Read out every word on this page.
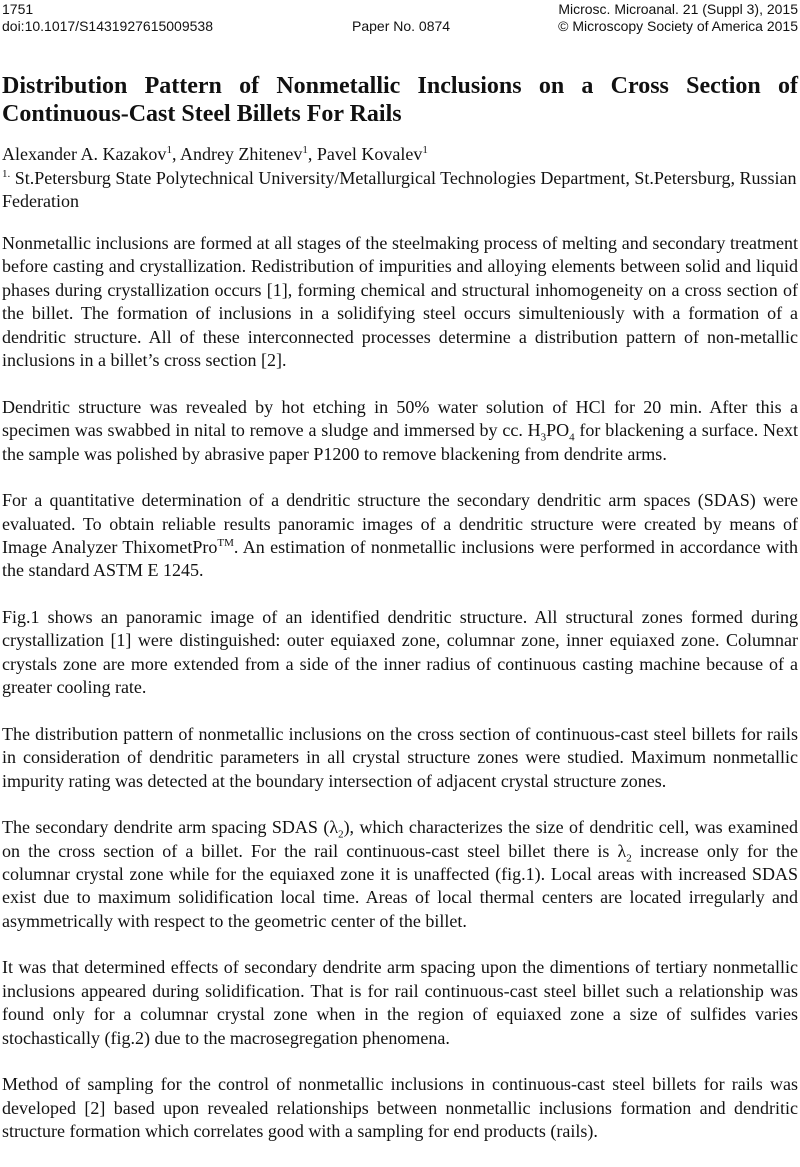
1751	Microsc. Microanal. 21 (Suppl 3), 2015
doi:10.1017/S1431927615009538	Paper No. 0874	© Microscopy Society of America 2015
Distribution Pattern of Nonmetallic Inclusions on a Cross Section of Continuous-Cast Steel Billets For Rails
Alexander A. Kazakov$^1$, Andrey Zhitenev$^1$, Pavel Kovalev$^1$
$^{1.}$ St.Petersburg State Polytechnical University/Metallurgical Technologies Department, St.Petersburg, Russian Federation

Nonmetallic inclusions are formed at all stages of the steelmaking process of melting and secondary treatment before casting and crystallization. Redistribution of impurities and alloying elements between solid and liquid phases during crystallization occurs [1], forming chemical and structural inhomogeneity on a cross section of the billet. The formation of inclusions in a solidifying steel occurs simulteniously with a formation of a dendritic structure. All of these interconnected processes determine a distribution pattern of non-metallic inclusions in a billet’s cross section [2].

Dendritic structure was revealed by hot etching in 50% water solution of HCl for 20 min. After this a specimen was swabbed in nital to remove a sludge and immersed by cc. $H_3PO_4$ for blackening a surface. Next the sample was polished by abrasive paper P1200 to remove blackening from dendrite arms.

For a quantitative determination of a dendritic structure the secondary dendritic arm spaces (SDAS) were evaluated. To obtain reliable results panoramic images of a dendritic structure were created by means of Image Analyzer ThixometPro™. An estimation of nonmetallic inclusions were performed in accordance with the standard ASTM E 1245.

Fig.1 shows an panoramic image of an identified dendritic structure. All structural zones formed during crystallization [1] were distinguished: outer equiaxed zone, columnar zone, inner equiaxed zone. Columnar crystals zone are more extended from a side of the inner radius of continuous casting machine because of a greater cooling rate.

The distribution pattern of nonmetallic inclusions on the cross section of continuous-cast steel billets for rails in consideration of dendritic parameters in all crystal structure zones were studied. Maximum nonmetallic impurity rating was detected at the boundary intersection of adjacent crystal structure zones.

The secondary dendrite arm spacing SDAS $(\lambda_2)$, which characterizes the size of dendritic cell, was examined on the cross section of a billet. For the rail continuous-cast steel billet there is $\lambda_2$ increase only for the columnar crystal zone while for the equiaxed zone it is unaffected (fig.1). Local areas with increased SDAS exist due to maximum solidification local time. Areas of local thermal centers are located irregularly and asymmetrically with respect to the geometric center of the billet.

It was that determined effects of secondary dendrite arm spacing upon the dimentions of tertiary nonmetallic inclusions appeared during solidification. That is for rail continuous-cast steel billet such a relationship was found only for a columnar crystal zone when in the region of equiaxed zone a size of sulfides varies stochastically (fig.2) due to the macrosegregation phenomena.

Method of sampling for the control of nonmetallic inclusions in continuous-cast steel billets for rails was developed [2] based upon revealed relationships between nonmetallic inclusions formation and dendritic structure formation which correlates good with a sampling for end products (rails).
